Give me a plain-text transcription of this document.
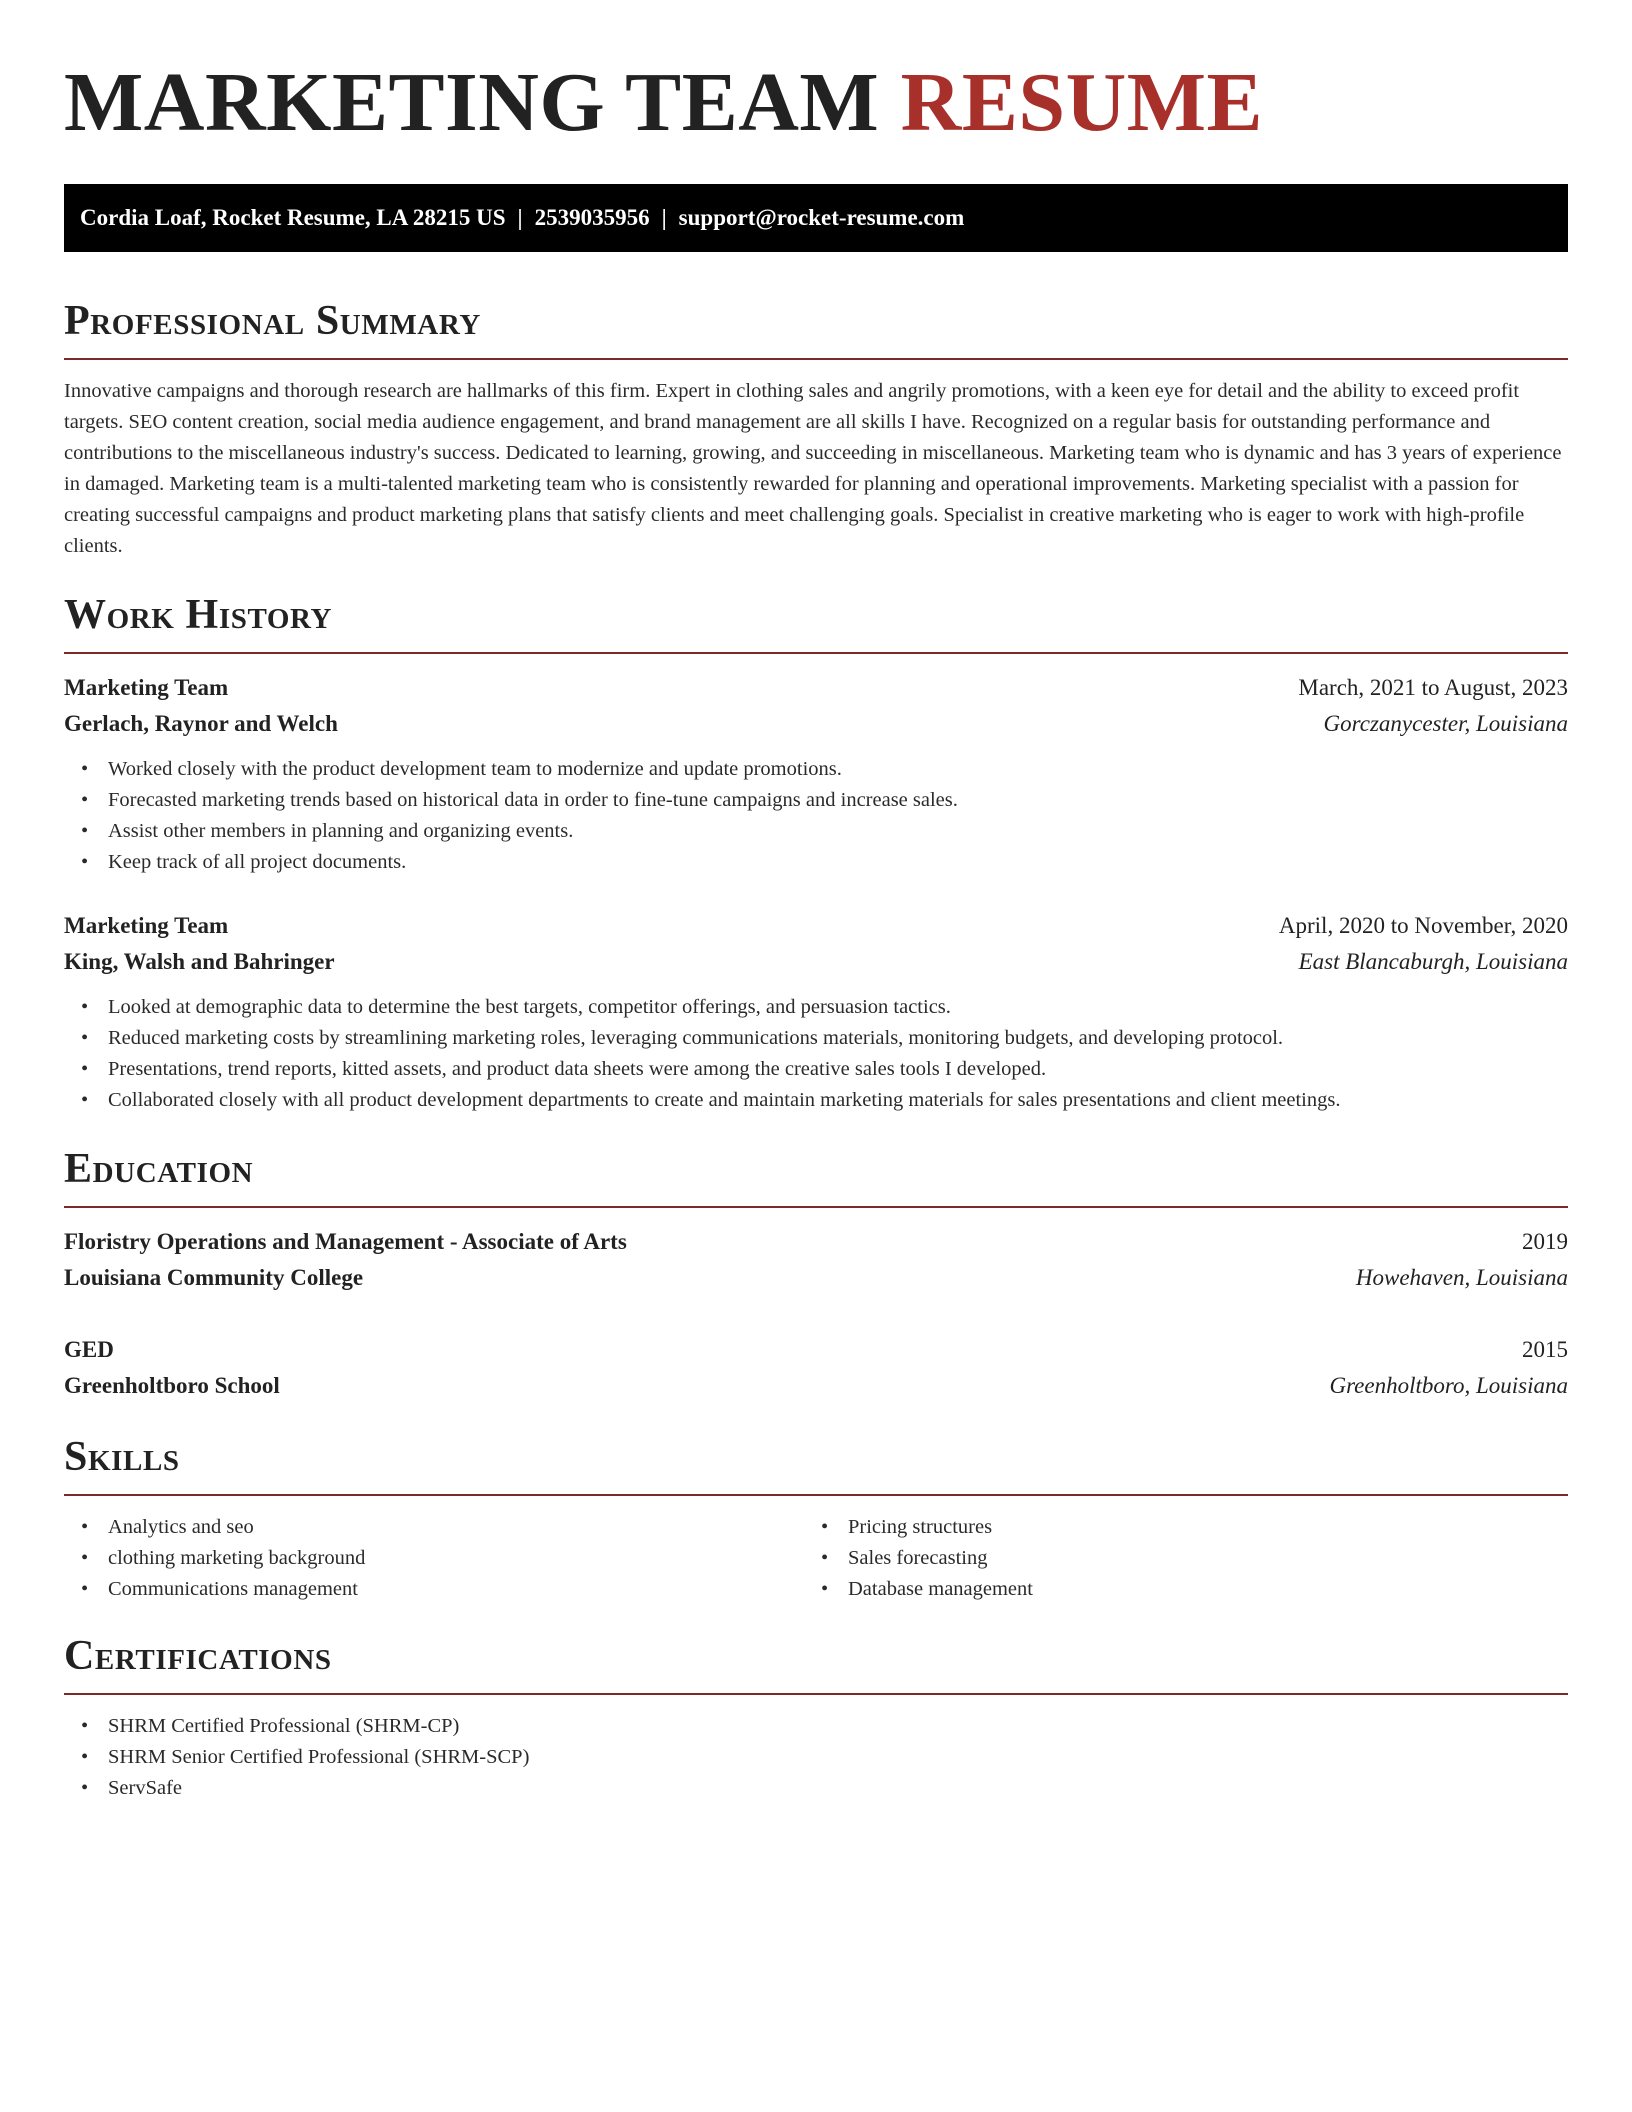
MARKETING TEAM RESUME
Cordia Loaf, Rocket Resume, LA 28215 US | 2539035956 | support@rocket-resume.com
Professional Summary

Innovative campaigns and thorough research are hallmarks of this firm. Expert in clothing sales and angrily promotions, with a keen eye for detail and the ability to exceed profit targets. SEO content creation, social media audience engagement, and brand management are all skills I have. Recognized on a regular basis for outstanding performance and contributions to the miscellaneous industry's success. Dedicated to learning, growing, and succeeding in miscellaneous. Marketing team who is dynamic and has 3 years of experience in damaged. Marketing team is a multi-talented marketing team who is consistently rewarded for planning and operational improvements. Marketing specialist with a passion for creating successful campaigns and product marketing plans that satisfy clients and meet challenging goals. Specialist in creative marketing who is eager to work with high-profile clients.

Work History
Marketing Team	March, 2021 to August, 2023
Gerlach, Raynor and Welch	Gorczanycester, Louisiana
• Worked closely with the product development team to modernize and update promotions.
• Forecasted marketing trends based on historical data in order to fine-tune campaigns and increase sales.
• Assist other members in planning and organizing events.
• Keep track of all project documents.
Marketing Team	April, 2020 to November, 2020
King, Walsh and Bahringer	East Blancaburgh, Louisiana
• Looked at demographic data to determine the best targets, competitor offerings, and persuasion tactics.
• Reduced marketing costs by streamlining marketing roles, leveraging communications materials, monitoring budgets, and developing protocol.
• Presentations, trend reports, kitted assets, and product data sheets were among the creative sales tools I developed.
• Collaborated closely with all product development departments to create and maintain marketing materials for sales presentations and client meetings.
Education
Floristry Operations and Management - Associate of Arts	2019
Louisiana Community College	Howehaven, Louisiana
GED	2015
Greenholtboro School	Greenholtboro, Louisiana
Skills
• Analytics and seo
• clothing marketing background
• Communications management
• Pricing structures
• Sales forecasting
• Database management
Certifications
• SHRM Certified Professional (SHRM-CP)
• SHRM Senior Certified Professional (SHRM-SCP)
• ServSafe
